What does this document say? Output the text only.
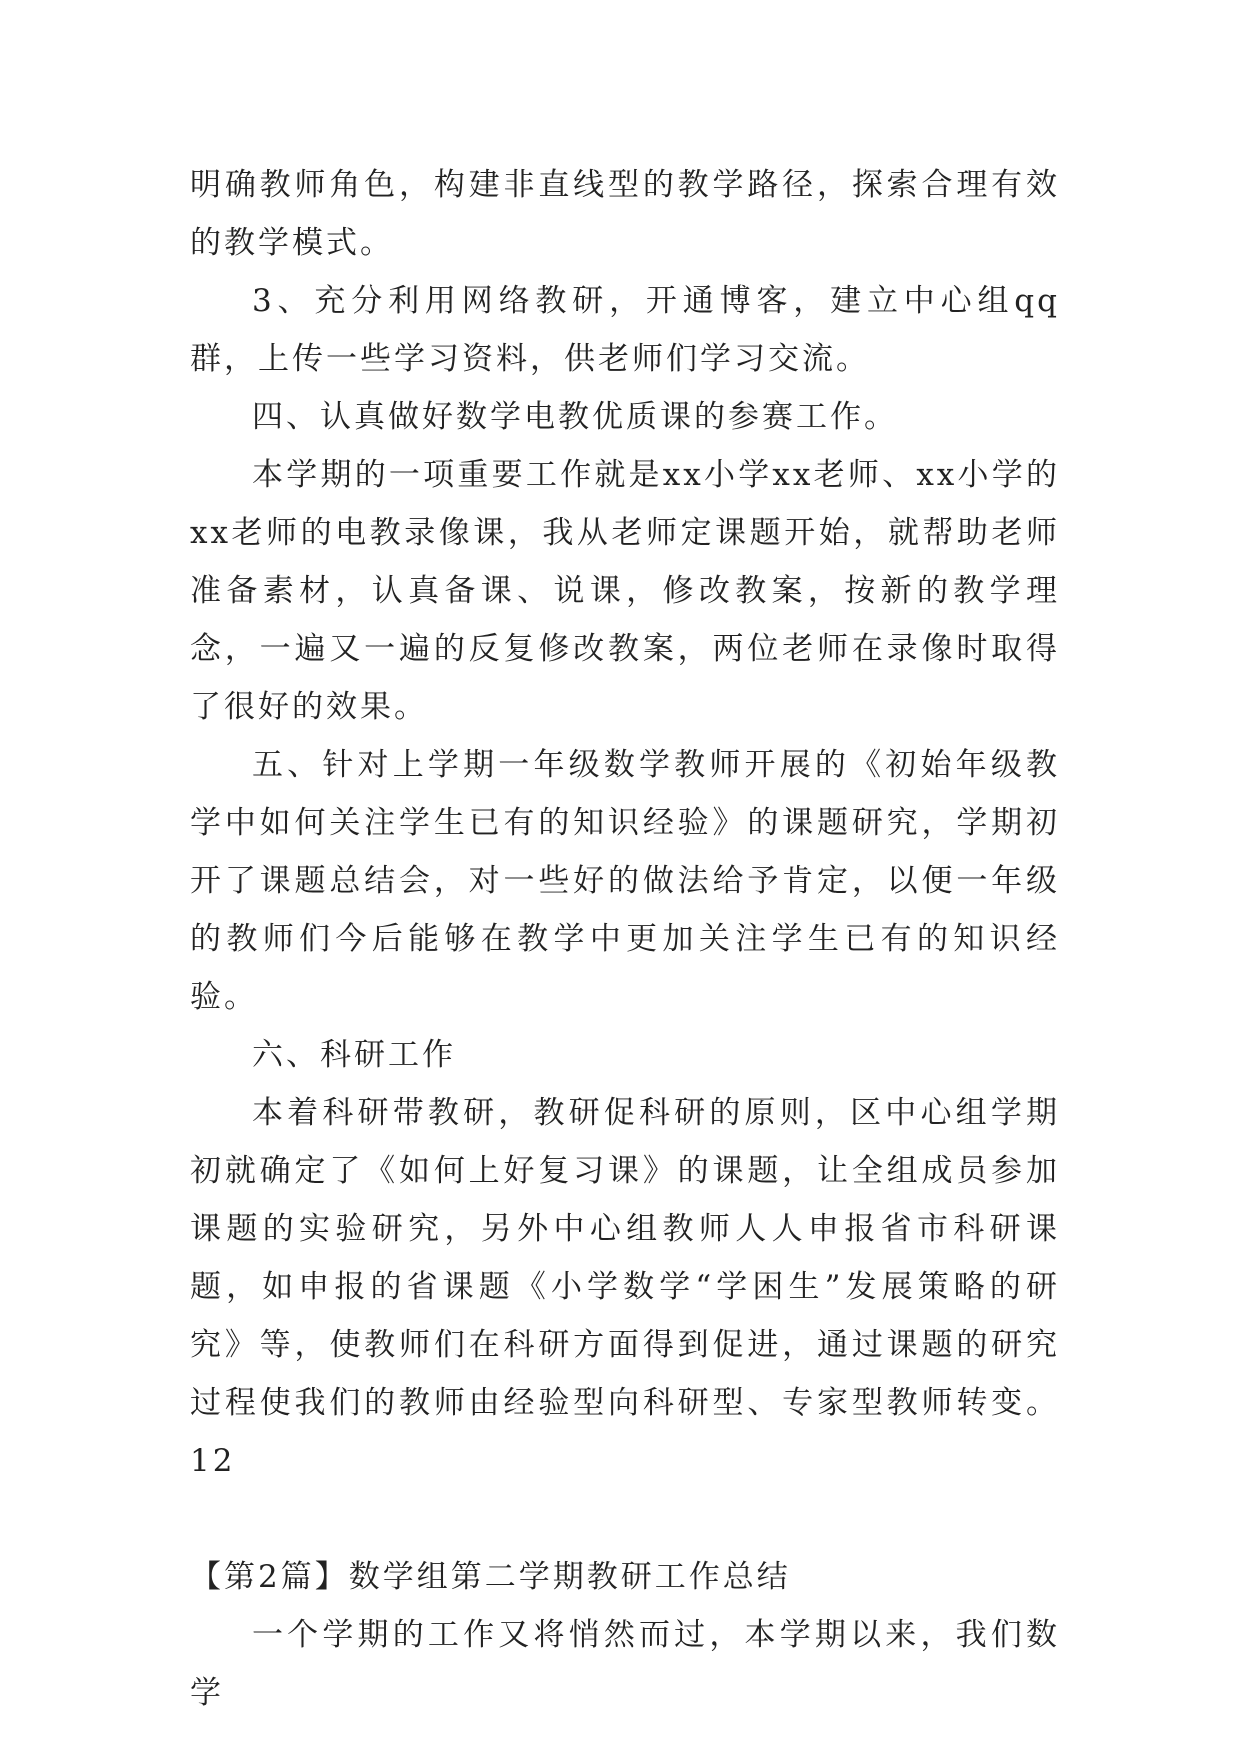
明确教师角色，构建非直线型的教学路径，探索合理有效的教学模式。

3、充分利用网络教研，开通博客，建立中心组qq群，上传一些学习资料，供老师们学习交流。

四、认真做好数学电教优质课的参赛工作。

本学期的一项重要工作就是xx小学xx老师、xx小学的xx老师的电教录像课，我从老师定课题开始，就帮助老师准备素材，认真备课、说课，修改教案，按新的教学理念，一遍又一遍的反复修改教案，两位老师在录像时取得了很好的效果。

五、针对上学期一年级数学教师开展的《初始年级教学中如何关注学生已有的知识经验》的课题研究，学期初开了课题总结会，对一些好的做法给予肯定，以便一年级的教师们今后能够在教学中更加关注学生已有的知识经验。

六、科研工作

本着科研带教研，教研促科研的原则，区中心组学期初就确定了《如何上好复习课》的课题，让全组成员参加课题的实验研究，另外中心组教师人人申报省市科研课题，如申报的省课题《小学数学“学困生”发展策略的研究》等，使教师们在科研方面得到促进，通过课题的研究过程使我们的教师由经验型向科研型、专家型教师转变。12

【第2篇】数学组第二学期教研工作总结

一个学期的工作又将悄然而过，本学期以来，我们数学
